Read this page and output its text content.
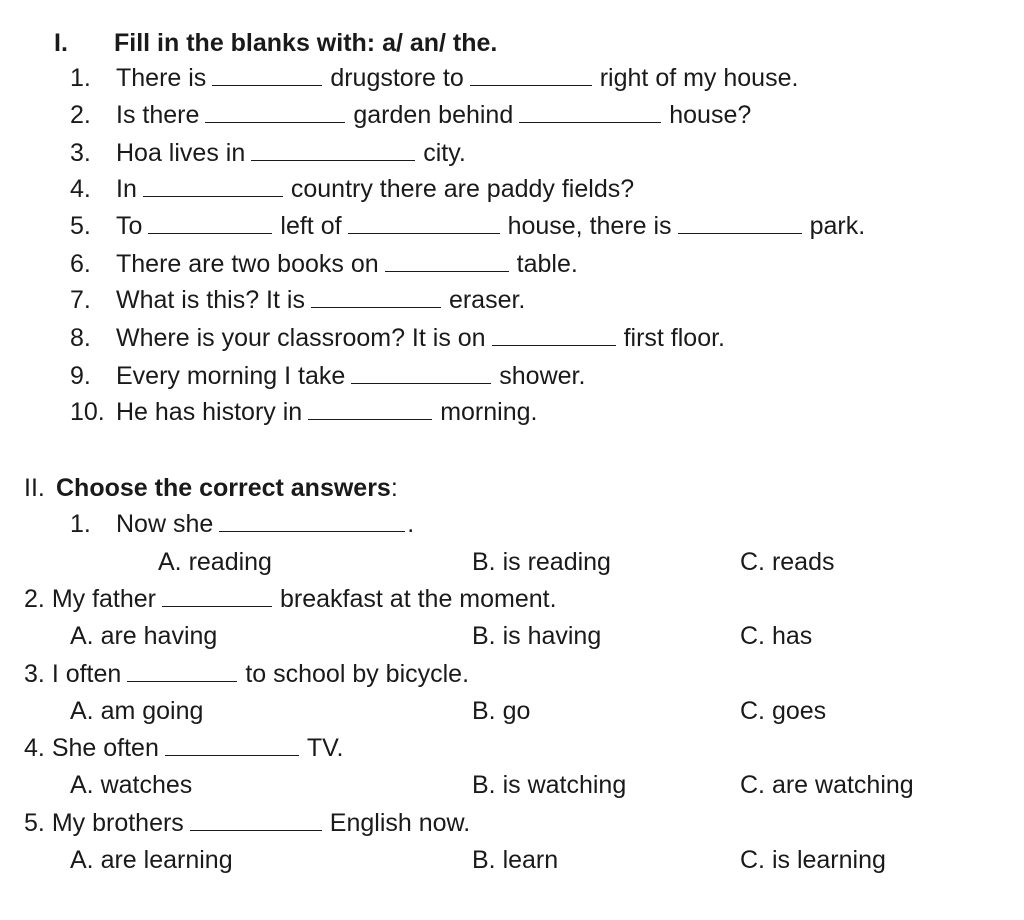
I. Fill in the blanks with: a/ an/ the.
1. There is	drugstore to	right of my house.
2. Is there	garden behind	house?
3. Hoa lives in	city.
4. In	country there are paddy fields?
5. To	left of	house, there is	park.
6. There are two books on	table.
7. What is this? It is	eraser.
8. Where is your classroom? It is on	first floor.
9. Every morning I take	shower.
10. He has history in	morning.
II. Choose the correct answers:
1. Now she	.
A. reading	B. is reading	C. reads
2. My father	breakfast at the moment.
A. are having	B. is having	C. has
3. I often	to school by bicycle.
A. am going	B. go	C. goes
4. She often	TV.
A. watches	B. is watching	C. are watching
5. My brothers	English now.
A. are learning	B. learn	C. is learning
